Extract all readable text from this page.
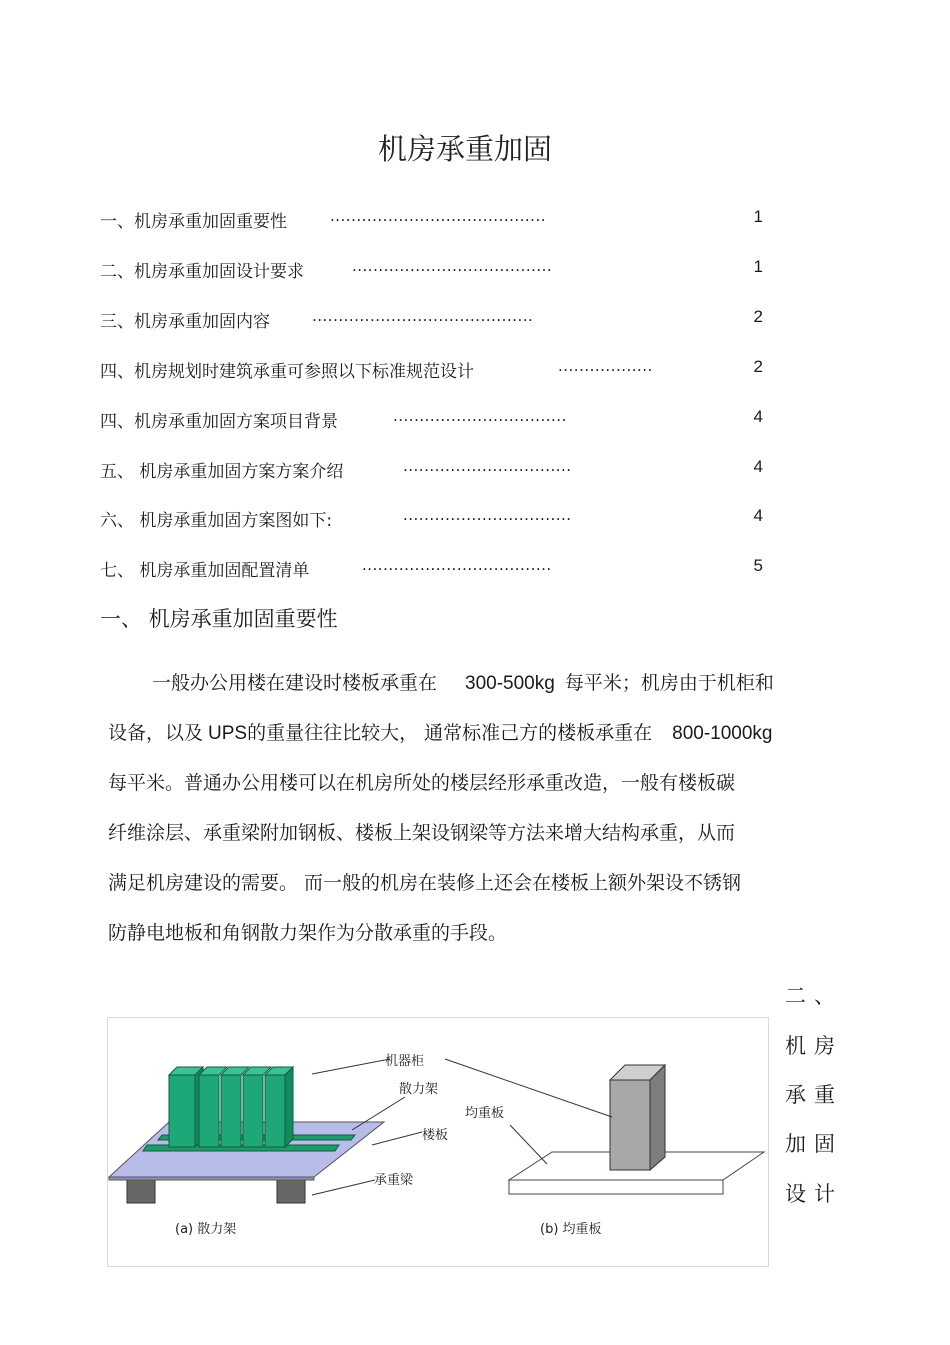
机房承重加固
一、机房承重加固重要性	.........................................	1
二、机房承重加固设计要求	......................................	1
三、机房承重加固内容	..........................................	2
四、机房规划时建筑承重可参照以下标准规范设计	..................	2
四、机房承重加固方案项目背景	.................................	4
五、 机房承重加固方案方案介绍	................................	4
六、 机房承重加固方案图如下:	................................	4
七、 机房承重加固配置清单	....................................	5
一、 机房承重加固重要性
一般办公用楼在建设时楼板承重在 300-500kg 每平米；机房由于机柜和
设备，以及 UPS的重量往往比较大， 通常标准己方的楼板承重在 800-1000kg
每平米。普通办公用楼可以在机房所处的楼层经形承重改造，一般有楼板碳
纤维涂层、承重梁附加钢板、楼板上架设钢梁等方法来增大结构承重，从而
满足机房建设的需要。 而一般的机房在装修上还会在楼板上额外架设不锈钢
防静电地板和角钢散力架作为分散承重的手段。
二、
机房
承重
加固
设计
机器柜
散力架
楼板
承重梁
均重板
(a) 散力架	(b) 均重板
